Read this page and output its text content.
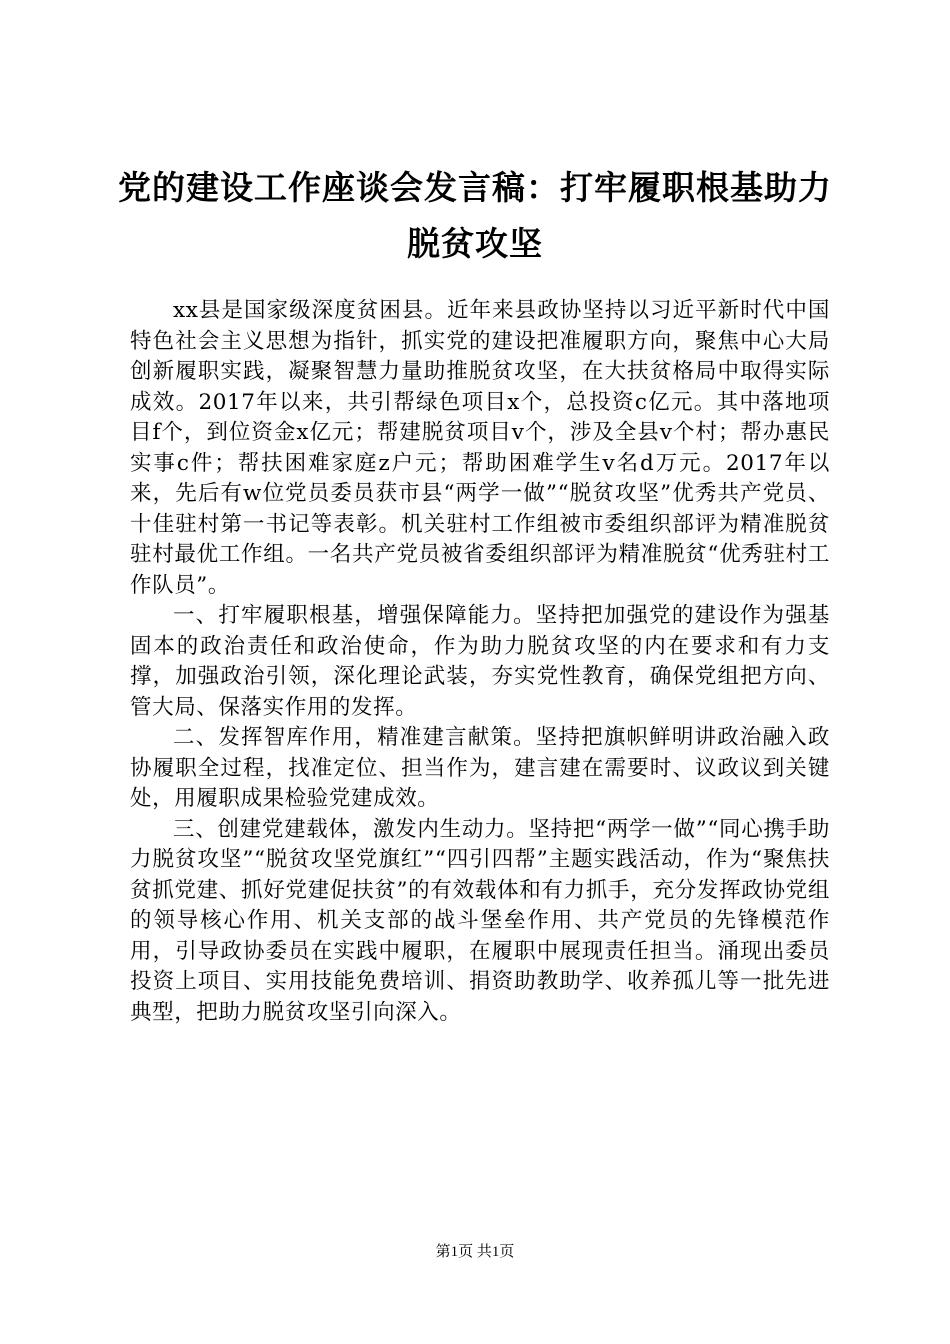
党的建设工作座谈会发言稿：打牢履职根基助力脱贫攻坚

xx县是国家级深度贫困县。近年来县政协坚持以习近平新时代中国特色社会主义思想为指针，抓实党的建设把准履职方向，聚焦中心大局创新履职实践，凝聚智慧力量助推脱贫攻坚，在大扶贫格局中取得实际成效。2017年以来，共引帮绿色项目x个，总投资c亿元。其中落地项目f个，到位资金x亿元；帮建脱贫项目v个，涉及全县v个村；帮办惠民实事c件；帮扶困难家庭z户元；帮助困难学生v名d万元。2017年以来，先后有w位党员委员获市县“两学一做”“脱贫攻坚”优秀共产党员、十佳驻村第一书记等表彰。机关驻村工作组被市委组织部评为精准脱贫驻村最优工作组。一名共产党员被省委组织部评为精准脱贫“优秀驻村工作队员”。

一、打牢履职根基，增强保障能力。坚持把加强党的建设作为强基固本的政治责任和政治使命，作为助力脱贫攻坚的内在要求和有力支撑，加强政治引领，深化理论武装，夯实党性教育，确保党组把方向、管大局、保落实作用的发挥。

二、发挥智库作用，精准建言献策。坚持把旗帜鲜明讲政治融入政协履职全过程，找准定位、担当作为，建言建在需要时、议政议到关键处，用履职成果检验党建成效。

三、创建党建载体，激发内生动力。坚持把“两学一做”“同心携手助力脱贫攻坚”“脱贫攻坚党旗红”“四引四帮”主题实践活动，作为“聚焦扶贫抓党建、抓好党建促扶贫”的有效载体和有力抓手，充分发挥政协党组的领导核心作用、机关支部的战斗堡垒作用、共产党员的先锋模范作用，引导政协委员在实践中履职，在履职中展现责任担当。涌现出委员投资上项目、实用技能免费培训、捐资助教助学、收养孤儿等一批先进典型，把助力脱贫攻坚引向深入。

第1页 共1页
